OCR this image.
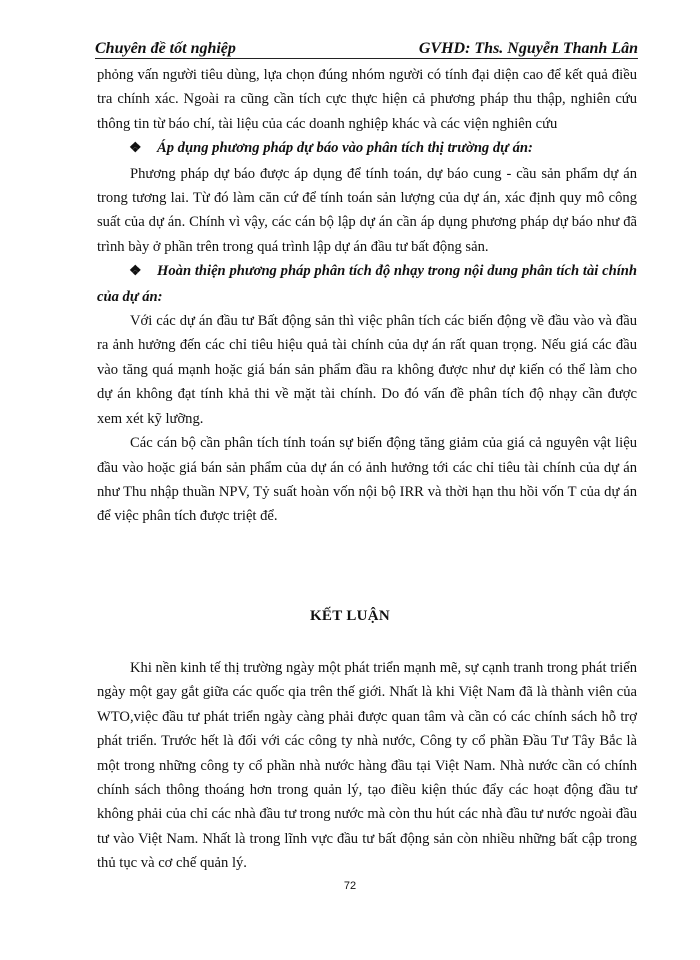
Chuyên đề tốt nghiệp	GVHD: Ths. Nguyễn Thanh Lân

phỏng vấn người tiêu dùng, lựa chọn đúng nhóm người có tính đại diện cao để kết quả điều tra chính xác. Ngoài ra cũng cần tích cực thực hiện cả phương pháp thu thập, nghiên cứu thông tin từ báo chí, tài liệu của các doanh nghiệp khác và các viện nghiên cứu

❖ Áp dụng phương pháp dự báo vào phân tích thị trường dự án:

Phương pháp dự báo được áp dụng để tính toán, dự báo cung - cầu sản phẩm dự án trong tương lai. Từ đó làm căn cứ để tính toán sản lượng của dự án, xác định quy mô công suất của dự án. Chính vì vậy, các cán bộ lập dự án cần áp dụng phương pháp dự báo như đã trình bày ở phần trên trong quá trình lập dự án đầu tư bất động sản.

❖ Hoàn thiện phương pháp phân tích độ nhạy trong nội dung phân tích tài chính của dự án:

Với các dự án đầu tư Bất động sản thì việc phân tích các biến động về đầu vào và đầu ra ảnh hưởng đến các chỉ tiêu hiệu quả tài chính của dự án rất quan trọng. Nếu giá các đầu vào tăng quá mạnh hoặc giá bán sản phẩm đầu ra không được như dự kiến có thể làm cho dự án không đạt tính khả thi về mặt tài chính. Do đó vấn đề phân tích độ nhạy cần được xem xét kỹ lưỡng.

Các cán bộ cần phân tích tính toán sự biến động tăng giảm của giá cả nguyên vật liệu đầu vào hoặc giá bán sản phẩm của dự án có ảnh hưởng tới các chỉ tiêu tài chính của dự án như Thu nhập thuần NPV, Tỷ suất hoàn vốn nội bộ IRR và thời hạn thu hồi vốn T của dự án để việc phân tích được triệt để.

KẾT LUẬN

Khi nền kinh tế thị trường ngày một phát triển mạnh mẽ, sự cạnh tranh trong phát triển ngày một gay gắt giữa các quốc qia trên thế giới. Nhất là khi Việt Nam đã là thành viên của WTO,việc đầu tư phát triển ngày càng phải được quan tâm và cần có các chính sách hỗ trợ phát triển. Trước hết là đối với các công ty nhà nước, Công ty cổ phần Đầu Tư Tây Bắc là một trong những công ty cổ phần nhà nước hàng đầu tại Việt Nam. Nhà nước cần có chính chính sách thông thoáng hơn trong quản lý, tạo điều kiện thúc đẩy các hoạt động đầu tư không phải của chỉ các nhà đầu tư trong nước mà còn thu hút các nhà đầu tư nước ngoài đầu tư vào Việt Nam. Nhất là trong lĩnh vực đầu tư bất động sản còn nhiều những bất cập trong thủ tục và cơ chế quản lý.

72
